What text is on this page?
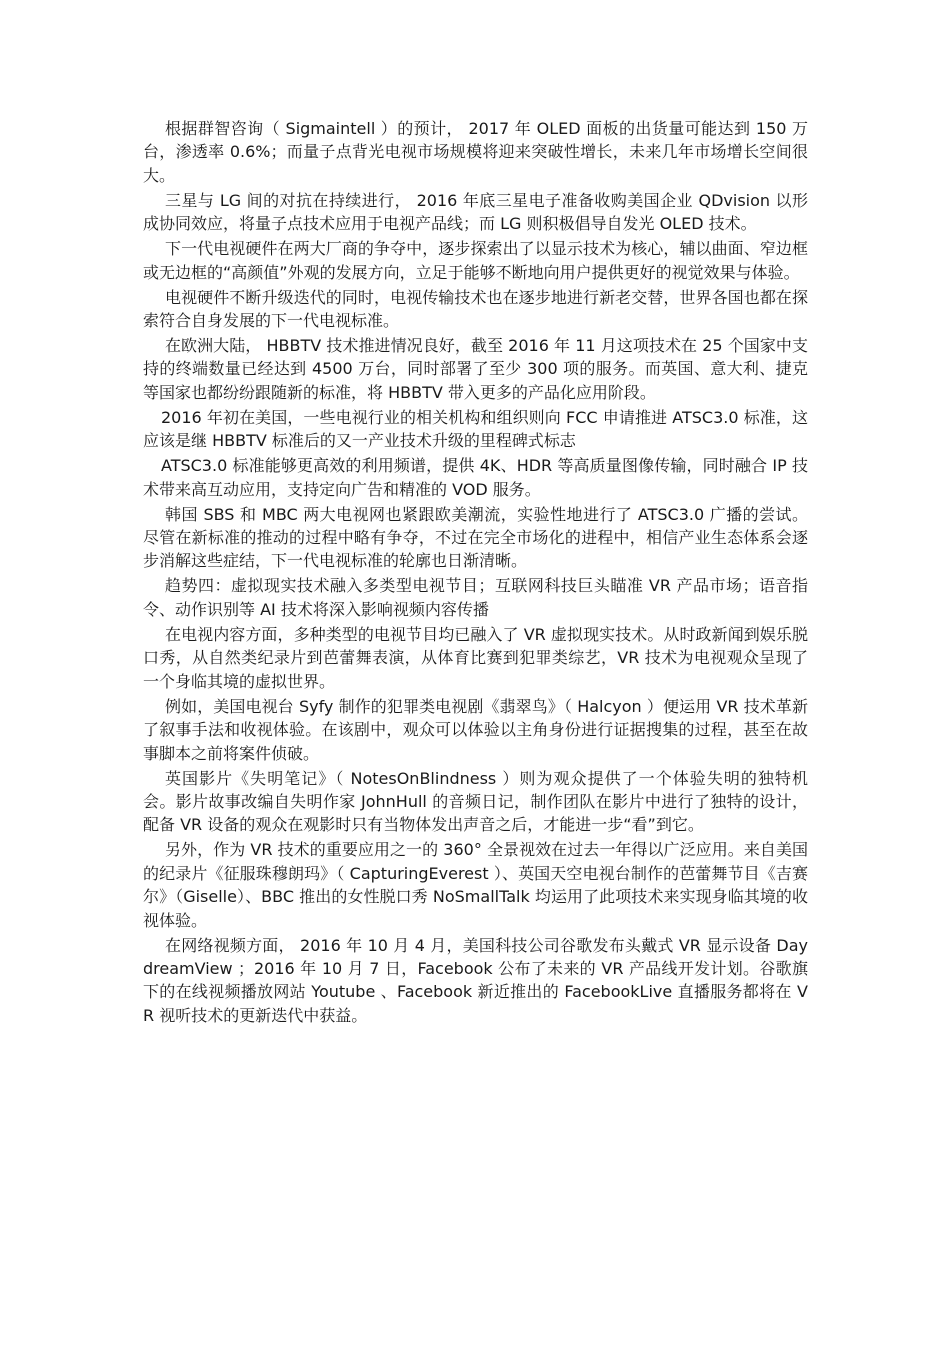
根据群智咨询（ Sigmaintell ）的预计， 2017 年 OLED 面板的出货量可能达到 150 万台，渗透率 0.6%；而量子点背光电视市场规模将迎来突破性增长，未来几年市场增长空间很大。

三星与 LG 间的对抗在持续进行， 2016 年底三星电子准备收购美国企业 QDvision 以形成协同效应，将量子点技术应用于电视产品线；而 LG 则积极倡导自发光 OLED 技术。

下一代电视硬件在两大厂商的争夺中，逐步探索出了以显示技术为核心，辅以曲面、窄边框或无边框的“高颜值”外观的发展方向，立足于能够不断地向用户提供更好的视觉效果与体验。

电视硬件不断升级迭代的同时，电视传输技术也在逐步地进行新老交替，世界各国也都在探索符合自身发展的下一代电视标准。

在欧洲大陆， HBBTV 技术推进情况良好，截至 2016 年 11 月这项技术在 25 个国家中支持的终端数量已经达到 4500 万台，同时部署了至少 300 项的服务。而英国、意大利、捷克等国家也都纷纷跟随新的标准，将 HBBTV 带入更多的产品化应用阶段。

2016 年初在美国，一些电视行业的相关机构和组织则向 FCC 申请推进 ATSC3.0 标准，这应该是继 HBBTV 标准后的又一产业技术升级的里程碑式标志

ATSC3.0 标准能够更高效的利用频谱，提供 4K、HDR 等高质量图像传输，同时融合 IP 技术带来高互动应用，支持定向广告和精准的 VOD 服务。

韩国 SBS 和 MBC 两大电视网也紧跟欧美潮流，实验性地进行了 ATSC3.0 广播的尝试。尽管在新标准的推动的过程中略有争夺，不过在完全市场化的进程中，相信产业生态体系会逐步消解这些症结，下一代电视标准的轮廓也日渐清晰。

趋势四：虚拟现实技术融入多类型电视节目；互联网科技巨头瞄准 VR 产品市场；语音指令、动作识别等 AI 技术将深入影响视频内容传播

在电视内容方面，多种类型的电视节目均已融入了 VR 虚拟现实技术。从时政新闻到娱乐脱口秀，从自然类纪录片到芭蕾舞表演，从体育比赛到犯罪类综艺，VR 技术为电视观众呈现了一个身临其境的虚拟世界。

例如，美国电视台 Syfy 制作的犯罪类电视剧《翡翠鸟》（ Halcyon ）便运用 VR 技术革新了叙事手法和收视体验。在该剧中，观众可以体验以主角身份进行证据搜集的过程，甚至在故事脚本之前将案件侦破。

英国影片《失明笔记》（ NotesOnBlindness ）则为观众提供了一个体验失明的独特机会。影片故事改编自失明作家 JohnHull 的音频日记，制作团队在影片中进行了独特的设计，配备 VR 设备的观众在观影时只有当物体发出声音之后，才能进一步“看”到它。

另外，作为 VR 技术的重要应用之一的 360° 全景视效在过去一年得以广泛应用。来自美国的纪录片《征服珠穆朗玛》（ CapturingEverest ）、英国天空电视台制作的芭蕾舞节目《吉赛尔》（Giselle）、BBC 推出的女性脱口秀 NoSmallTalk 均运用了此项技术来实现身临其境的收视体验。

在网络视频方面， 2016 年 10 月 4 月，美国科技公司谷歌发布头戴式 VR 显示设备 DaydreamView ；2016 年 10 月 7 日，Facebook 公布了未来的 VR 产品线开发计划。谷歌旗下的在线视频播放网站 Youtube 、Facebook 新近推出的 FacebookLive 直播服务都将在 VR 视听技术的更新迭代中获益。
